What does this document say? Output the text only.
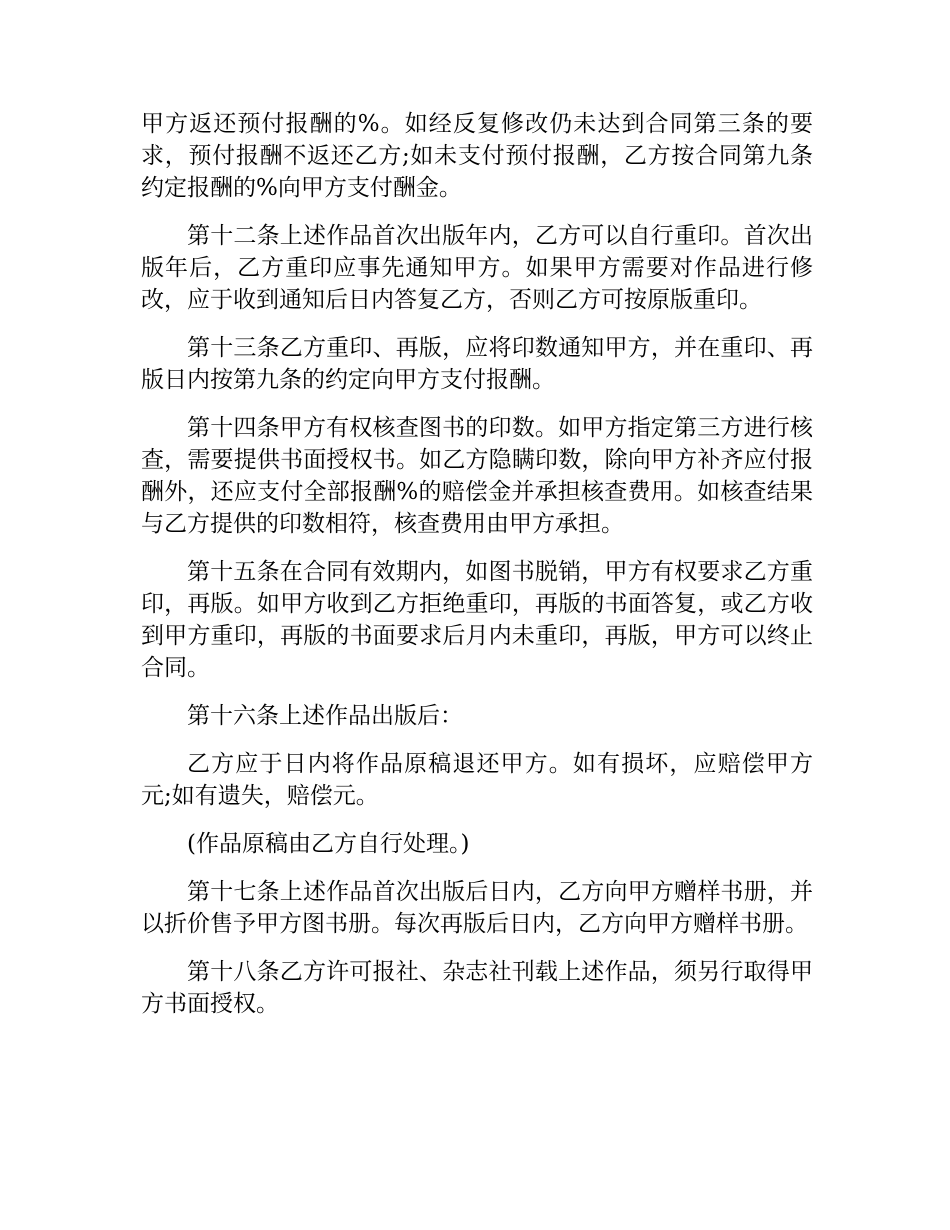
甲方返还预付报酬的%。如经反复修改仍未达到合同第三条的要求，预付报酬不返还乙方;如未支付预付报酬，乙方按合同第九条约定报酬的%向甲方支付酬金。

第十二条上述作品首次出版年内，乙方可以自行重印。首次出版年后，乙方重印应事先通知甲方。如果甲方需要对作品进行修改，应于收到通知后日内答复乙方，否则乙方可按原版重印。

第十三条乙方重印、再版，应将印数通知甲方，并在重印、再版日内按第九条的约定向甲方支付报酬。

第十四条甲方有权核查图书的印数。如甲方指定第三方进行核查，需要提供书面授权书。如乙方隐瞒印数，除向甲方补齐应付报酬外，还应支付全部报酬%的赔偿金并承担核查费用。如核查结果与乙方提供的印数相符，核查费用由甲方承担。

第十五条在合同有效期内，如图书脱销，甲方有权要求乙方重印，再版。如甲方收到乙方拒绝重印，再版的书面答复，或乙方收到甲方重印，再版的书面要求后月内未重印，再版，甲方可以终止合同。

第十六条上述作品出版后：

乙方应于日内将作品原稿退还甲方。如有损坏，应赔偿甲方元;如有遗失，赔偿元。

(作品原稿由乙方自行处理。)

第十七条上述作品首次出版后日内，乙方向甲方赠样书册，并以折价售予甲方图书册。每次再版后日内，乙方向甲方赠样书册。

第十八条乙方许可报社、杂志社刊载上述作品，须另行取得甲方书面授权。
